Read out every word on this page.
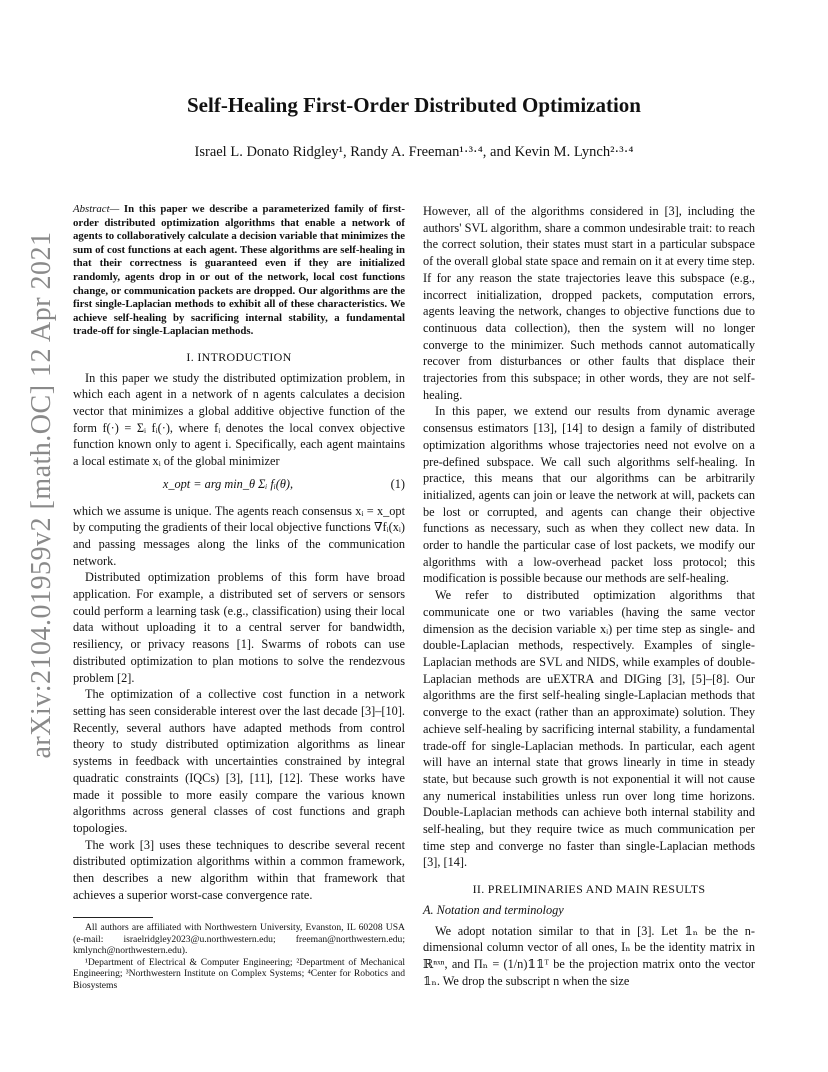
arXiv:2104.01959v2 [math.OC] 12 Apr 2021
Self-Healing First-Order Distributed Optimization
Israel L. Donato Ridgley¹, Randy A. Freeman¹·³·⁴, and Kevin M. Lynch²·³·⁴

Abstract— In this paper we describe a parameterized family of first-order distributed optimization algorithms that enable a network of agents to collaboratively calculate a decision variable that minimizes the sum of cost functions at each agent. These algorithms are self-healing in that their correctness is guaranteed even if they are initialized randomly, agents drop in or out of the network, local cost functions change, or communication packets are dropped. Our algorithms are the first single-Laplacian methods to exhibit all of these characteristics. We achieve self-healing by sacrificing internal stability, a fundamental trade-off for single-Laplacian methods.

I. INTRODUCTION

In this paper we study the distributed optimization problem, in which each agent in a network of n agents calculates a decision vector that minimizes a global additive objective function of the form f(·) = Σᵢ fᵢ(·), where fᵢ denotes the local convex objective function known only to agent i. Specifically, each agent maintains a local estimate xᵢ of the global minimizer

x_opt = arg min_θ Σᵢ fᵢ(θ),	(1)

which we assume is unique. The agents reach consensus xᵢ = x_opt by computing the gradients of their local objective functions ∇fᵢ(xᵢ) and passing messages along the links of the communication network.

Distributed optimization problems of this form have broad application. For example, a distributed set of servers or sensors could perform a learning task (e.g., classification) using their local data without uploading it to a central server for bandwidth, resiliency, or privacy reasons [1]. Swarms of robots can use distributed optimization to plan motions to solve the rendezvous problem [2].

The optimization of a collective cost function in a network setting has seen considerable interest over the last decade [3]–[10]. Recently, several authors have adapted methods from control theory to study distributed optimization algorithms as linear systems in feedback with uncertainties constrained by integral quadratic constraints (IQCs) [3], [11], [12]. These works have made it possible to more easily compare the various known algorithms across general classes of cost functions and graph topologies.

The work [3] uses these techniques to describe several recent distributed optimization algorithms within a common framework, then describes a new algorithm within that framework that achieves a superior worst-case convergence rate.

All authors are affiliated with Northwestern University, Evanston, IL 60208 USA (e-mail: israelridgley2023@u.northwestern.edu; freeman@northwestern.edu; kmlynch@northwestern.edu).

¹Department of Electrical & Computer Engineering; ²Department of Mechanical Engineering; ³Northwestern Institute on Complex Systems; ⁴Center for Robotics and Biosystems

However, all of the algorithms considered in [3], including the authors' SVL algorithm, share a common undesirable trait: to reach the correct solution, their states must start in a particular subspace of the overall global state space and remain on it at every time step. If for any reason the state trajectories leave this subspace (e.g., incorrect initialization, dropped packets, computation errors, agents leaving the network, changes to objective functions due to continuous data collection), then the system will no longer converge to the minimizer. Such methods cannot automatically recover from disturbances or other faults that displace their trajectories from this subspace; in other words, they are not self-healing.

In this paper, we extend our results from dynamic average consensus estimators [13], [14] to design a family of distributed optimization algorithms whose trajectories need not evolve on a pre-defined subspace. We call such algorithms self-healing. In practice, this means that our algorithms can be arbitrarily initialized, agents can join or leave the network at will, packets can be lost or corrupted, and agents can change their objective functions as necessary, such as when they collect new data. In order to handle the particular case of lost packets, we modify our algorithms with a low-overhead packet loss protocol; this modification is possible because our methods are self-healing.

We refer to distributed optimization algorithms that communicate one or two variables (having the same vector dimension as the decision variable xᵢ) per time step as single- and double-Laplacian methods, respectively. Examples of single-Laplacian methods are SVL and NIDS, while examples of double-Laplacian methods are uEXTRA and DIGing [3], [5]–[8]. Our algorithms are the first self-healing single-Laplacian methods that converge to the exact (rather than an approximate) solution. They achieve self-healing by sacrificing internal stability, a fundamental trade-off for single-Laplacian methods. In particular, each agent will have an internal state that grows linearly in time in steady state, but because such growth is not exponential it will not cause any numerical instabilities unless run over long time horizons. Double-Laplacian methods can achieve both internal stability and self-healing, but they require twice as much communication per time step and converge no faster than single-Laplacian methods [3], [14].

II. PRELIMINARIES AND MAIN RESULTS
A. Notation and terminology

We adopt notation similar to that in [3]. Let 𝟙ₙ be the n-dimensional column vector of all ones, Iₙ be the identity matrix in ℝⁿˣⁿ, and Πₙ = (1/n)𝟙𝟙ᵀ be the projection matrix onto the vector 𝟙ₙ. We drop the subscript n when the size
